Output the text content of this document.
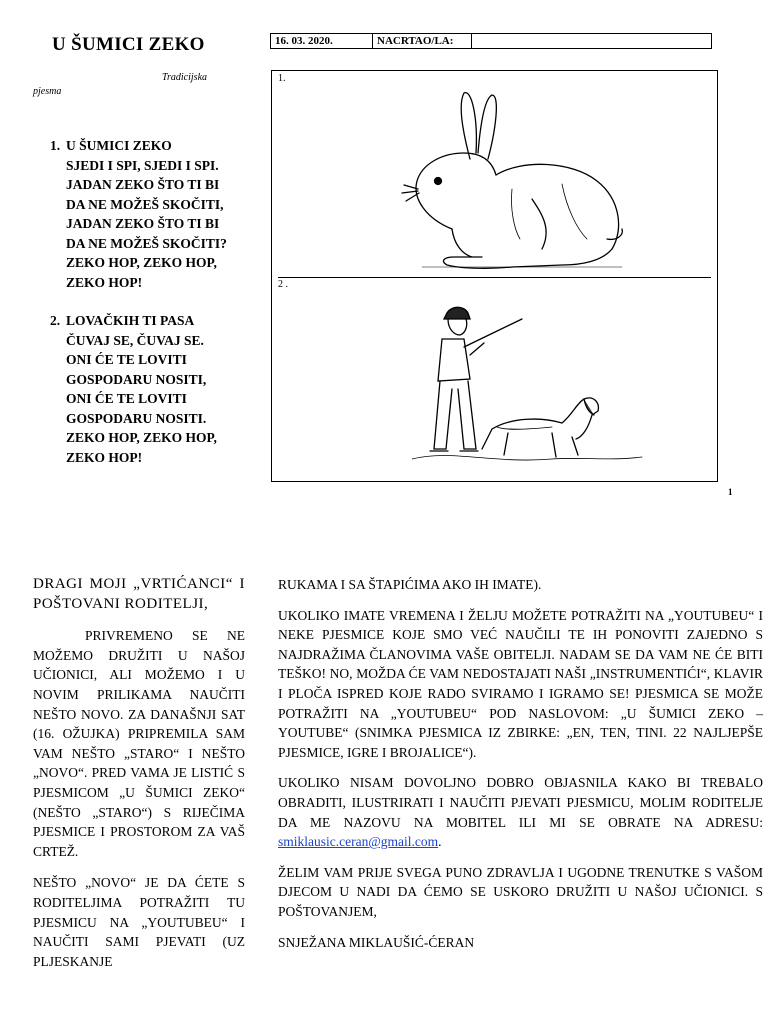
U ŠUMICI ZEKO
Tradicijska
pjesma
16. 03. 2020.	NACRTAO/LA:
1. U ŠUMICI ZEKO
SJEDI I SPI, SJEDI I SPI.
JADAN ZEKO ŠTO TI BI
DA NE MOŽEŠ SKOČITI,
JADAN ZEKO ŠTO TI BI
DA NE MOŽEŠ SKOČITI?
ZEKO HOP, ZEKO HOP,
ZEKO HOP!
2. LOVAČKIH TI PASA
ČUVAJ SE, ČUVAJ SE.
ONI ĆE TE LOVITI
GOSPODARU NOSITI,
ONI ĆE TE LOVITI
GOSPODARU NOSITI.
ZEKO HOP, ZEKO HOP,
ZEKO HOP!
1.
2 .
1

DRAGI MOJI „VRTIĆANCI“ I POŠTOVANI RODITELJI,

PRIVREMENO SE NE MOŽEMO DRUŽITI U NAŠOJ UČIONICI, ALI MOŽEMO I U NOVIM PRILIKAMA NAUČITI NEŠTO NOVO. ZA DANAŠNJI SAT (16. OŽUJKA) PRIPREMILA SAM VAM NEŠTO „STARO“ I NEŠTO „NOVO“. PRED VAMA JE LISTIĆ S PJESMICOM „U ŠUMICI ZEKO“ (NEŠTO „STARO“) S RIJEČIMA PJESMICE I PROSTOROM ZA VAŠ CRTEŽ.

NEŠTO „NOVO“ JE DA ĆETE S RODITELJIMA POTRAŽITI TU PJESMICU NA „YOUTUBEU“ I NAUČITI SAMI PJEVATI (UZ PLJESKANJE

RUKAMA I SA ŠTAPIĆIMA AKO IH IMATE).

UKOLIKO IMATE VREMENA I ŽELJU MOŽETE POTRAŽITI NA „YOUTUBEU“ I NEKE PJESMICE KOJE SMO VEĆ NAUČILI TE IH PONOVITI ZAJEDNO S NAJDRAŽIMA ČLANOVIMA VAŠE OBITELJI. NADAM SE DA VAM NE ĆE BITI TEŠKO! NO, MOŽDA ĆE VAM NEDOSTAJATI NAŠI „INSTRUMENTIĆI“, KLAVIR I PLOČA ISPRED KOJE RADO SVIRAMO I IGRAMO SE! PJESMICA SE MOŽE POTRAŽITI NA „YOUTUBEU“ POD NASLOVOM: „U ŠUMICI ZEKO – YOUTUBE“ (SNIMKA PJESMICA IZ ZBIRKE: „EN, TEN, TINI. 22 NAJLJEPŠE PJESMICE, IGRE I BROJALICE“).

UKOLIKO NISAM DOVOLJNO DOBRO OBJASNILA KAKO BI TREBALO OBRADITI, ILUSTRIRATI I NAUČITI PJEVATI PJESMICU, MOLIM RODITELJE DA ME NAZOVU NA MOBITEL ILI MI SE OBRATE NA ADRESU: smiklausic.ceran@gmail.com.

ŽELIM VAM PRIJE SVEGA PUNO ZDRAVLJA I UGODNE TRENUTKE S VAŠOM DJECOM U NADI DA ĆEMO SE USKORO DRUŽITI U NAŠOJ UČIONICI. S POŠTOVANJEM,

SNJEŽANA MIKLAUŠIĆ-ĆERAN
